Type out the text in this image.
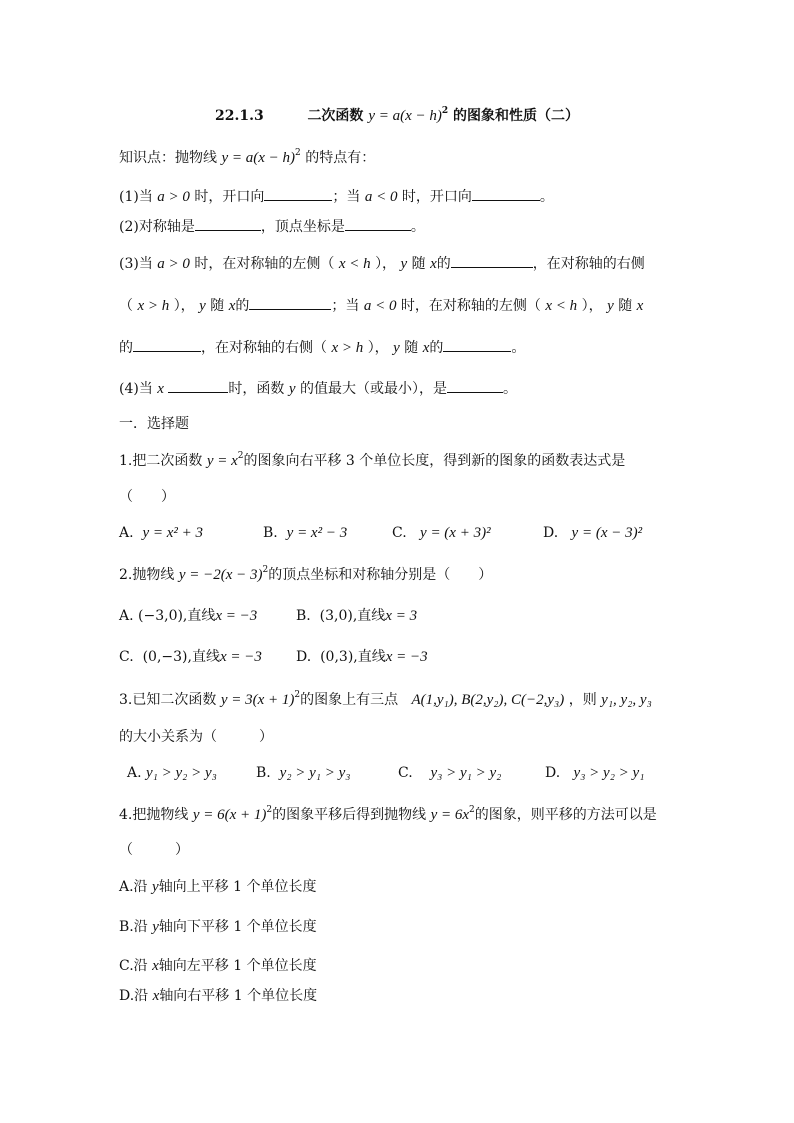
22.1.3	二次函数 $y = a(x - h)^2$ 的图象和性质（二）
知识点：抛物线 $y = a(x - h)^2$ 的特点有：
(1)当 a > 0 时，开口向	；当 a < 0 时，开口向	。
(2)对称轴是	，顶点坐标是	。
(3)当 a > 0 时，在对称轴的左侧（ x < h ）， y 随 x的	，在对称轴的右侧
（ x > h ）， y 随 x的	；当 a < 0 时，在对称轴的左侧（ x < h ）， y 随 x
的	，在对称轴的右侧（ x > h ）， y 随 x的	。
(4)当 x	时，函数 y 的值最大（或最小），是	。
一．选择题
1.把二次函数 $y = x^2$的图象向右平移 3 个单位长度，得到新的图象的函数表达式是
（　　）
A. y = x² + 3	B. y = x² − 3	C. y = (x + 3)²	D. y = (x − 3)²
2.抛物线 $y = -2(x - 3)^2$的顶点坐标和对称轴分别是（　　）
A. (−3,0),直线x = −3	B. (3,0),直线x = 3
C. (0,−3),直线x = −3 D. (0,3),直线x = −3
3.已知二次函数 $y = 3(x + 1)^2$的图象上有三点 A(1,y₁), B(2,y₂), C(−2,y₃) ，则 y₁, y₂, y₃
的大小关系为（　　　）
A. y₁ > y₂ > y₃	B. y₂ > y₁ > y₃	C. y₃ > y₁ > y₂	D. y₃ > y₂ > y₁
4.把抛物线 $y = 6(x + 1)^2$的图象平移后得到抛物线 $y = 6x^2$的图象，则平移的方法可以是
（　　　）
A.沿 y轴向上平移 1 个单位长度
B.沿 y轴向下平移 1 个单位长度
C.沿 x轴向左平移 1 个单位长度
D.沿 x轴向右平移 1 个单位长度
